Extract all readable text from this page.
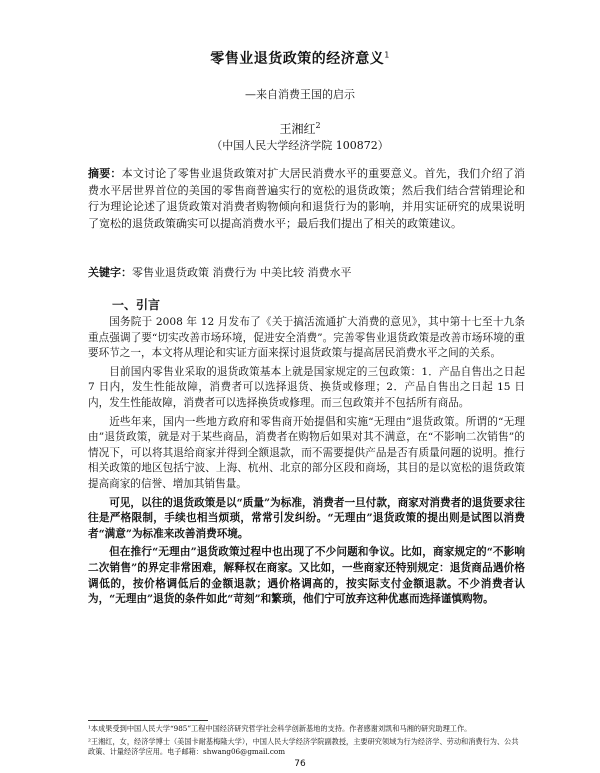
零售业退货政策的经济意义$^1$
—来自消费王国的启示
王湘红$^2$
（中国人民大学经济学院 100872）
摘要：本文讨论了零售业退货政策对扩大居民消费水平的重要意义。首先，我们介绍了消费水平居世界首位的美国的零售商普遍实行的宽松的退货政策；然后我们结合营销理论和行为理论论述了退货政策对消费者购物倾向和退货行为的影响，并用实证研究的成果说明了宽松的退货政策确实可以提高消费水平；最后我们提出了相关的政策建议。
关键字：零售业退货政策 消费行为 中美比较 消费水平
一、引言

国务院于 2008 年 12 月发布了《关于搞活流通扩大消费的意见》，其中第十七至十九条重点强调了要“切实改善市场环境，促进安全消费”。完善零售业退货政策是改善市场环境的重要环节之一，本文将从理论和实证方面来探讨退货政策与提高居民消费水平之间的关系。

目前国内零售业采取的退货政策基本上就是国家规定的三包政策：1．产品自售出之日起 7 日内，发生性能故障，消费者可以选择退货、换货或修理；2．产品自售出之日起 15 日内，发生性能故障，消费者可以选择换货或修理。而三包政策并不包括所有商品。

近些年来，国内一些地方政府和零售商开始提倡和实施“无理由”退货政策。所谓的“无理由”退货政策，就是对于某些商品，消费者在购物后如果对其不满意，在“不影响二次销售”的情况下，可以将其退给商家并得到全额退款，而不需要提供产品是否有质量问题的说明。推行相关政策的地区包括宁波、上海、杭州、北京的部分区段和商场，其目的是以宽松的退货政策提高商家的信誉、增加其销售量。

可见，以往的退货政策是以“质量”为标准，消费者一旦付款，商家对消费者的退货要求往往是严格限制，手续也相当烦琐，常常引发纠纷。“无理由”退货政策的提出则是试图以消费者“满意”为标准来改善消费环境。

但在推行“无理由”退货政策过程中也出现了不少问题和争议。比如，商家规定的“不影响二次销售”的界定非常困难，解释权在商家。又比如，一些商家还特别规定：退货商品遇价格调低的，按价格调低后的金额退款；遇价格调高的，按实际支付金额退款。不少消费者认为，“无理由”退货的条件如此“苛刻”和繁琐，他们宁可放弃这种优惠而选择谨慎购物。

¹本成果受到中国人民大学“985”工程中国经济研究哲学社会科学创新基地的支持。作者感谢刘凯和马湘的研究助理工作。

²王湘红，女，经济学博士（美国卡耐基梅隆大学），中国人民大学经济学院副教授，主要研究领域为行为经济学、劳动和消费行为、公共政策、计量经济学应用。电子邮箱：shwang06@gmail.com

76
